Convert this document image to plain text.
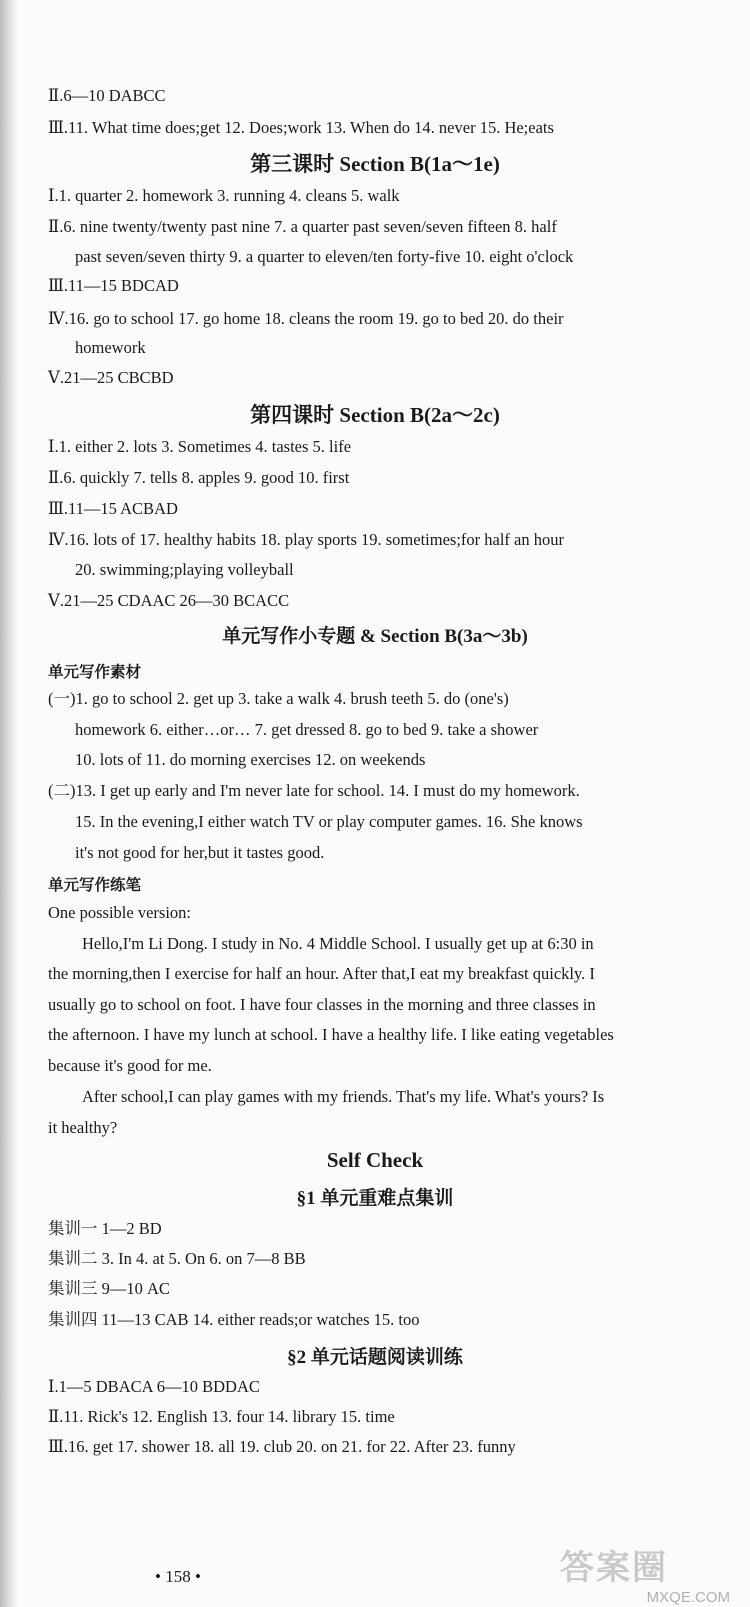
Ⅱ.6—10 DABCC
Ⅲ.11. What time does;get 12. Does;work 13. When do 14. never 15. He;eats
第三课时 Section B(1a～1e)
Ⅰ.1. quarter 2. homework 3. running 4. cleans 5. walk
Ⅱ.6. nine twenty/twenty past nine 7. a quarter past seven/seven fifteen 8. half
past seven/seven thirty 9. a quarter to eleven/ten forty-five 10. eight o'clock
Ⅲ.11—15 BDCAD
Ⅳ.16. go to school 17. go home 18. cleans the room 19. go to bed 20. do their
homework
Ⅴ.21—25 CBCBD
第四课时 Section B(2a～2c)
Ⅰ.1. either 2. lots 3. Sometimes 4. tastes 5. life
Ⅱ.6. quickly 7. tells 8. apples 9. good 10. first
Ⅲ.11—15 ACBAD
Ⅳ.16. lots of 17. healthy habits 18. play sports 19. sometimes;for half an hour
20. swimming;playing volleyball
Ⅴ.21—25 CDAAC 26—30 BCACC
单元写作小专题 & Section B(3a～3b)
单元写作素材
(一)1. go to school 2. get up 3. take a walk 4. brush teeth 5. do (one's)
homework 6. either…or… 7. get dressed 8. go to bed 9. take a shower
10. lots of 11. do morning exercises 12. on weekends
(二)13. I get up early and I'm never late for school. 14. I must do my homework.
15. In the evening,I either watch TV or play computer games. 16. She knows
it's not good for her,but it tastes good.
单元写作练笔
One possible version:
Hello,I'm Li Dong. I study in No. 4 Middle School. I usually get up at 6:30 in
the morning,then I exercise for half an hour. After that,I eat my breakfast quickly. I
usually go to school on foot. I have four classes in the morning and three classes in
the afternoon. I have my lunch at school. I have a healthy life. I like eating vegetables
because it's good for me.
After school,I can play games with my friends. That's my life. What's yours? Is
it healthy?
Self Check
§1 单元重难点集训
集训一 1—2 BD
集训二 3. In 4. at 5. On 6. on 7—8 BB
集训三 9—10 AC
集训四 11—13 CAB 14. either reads;or watches 15. too
§2 单元话题阅读训练
Ⅰ.1—5 DBACA 6—10 BDDAC
Ⅱ.11. Rick's 12. English 13. four 14. library 15. time
Ⅲ.16. get 17. shower 18. all 19. club 20. on 21. for 22. After 23. funny
• 158 •	答案圈
MXQE.COM
